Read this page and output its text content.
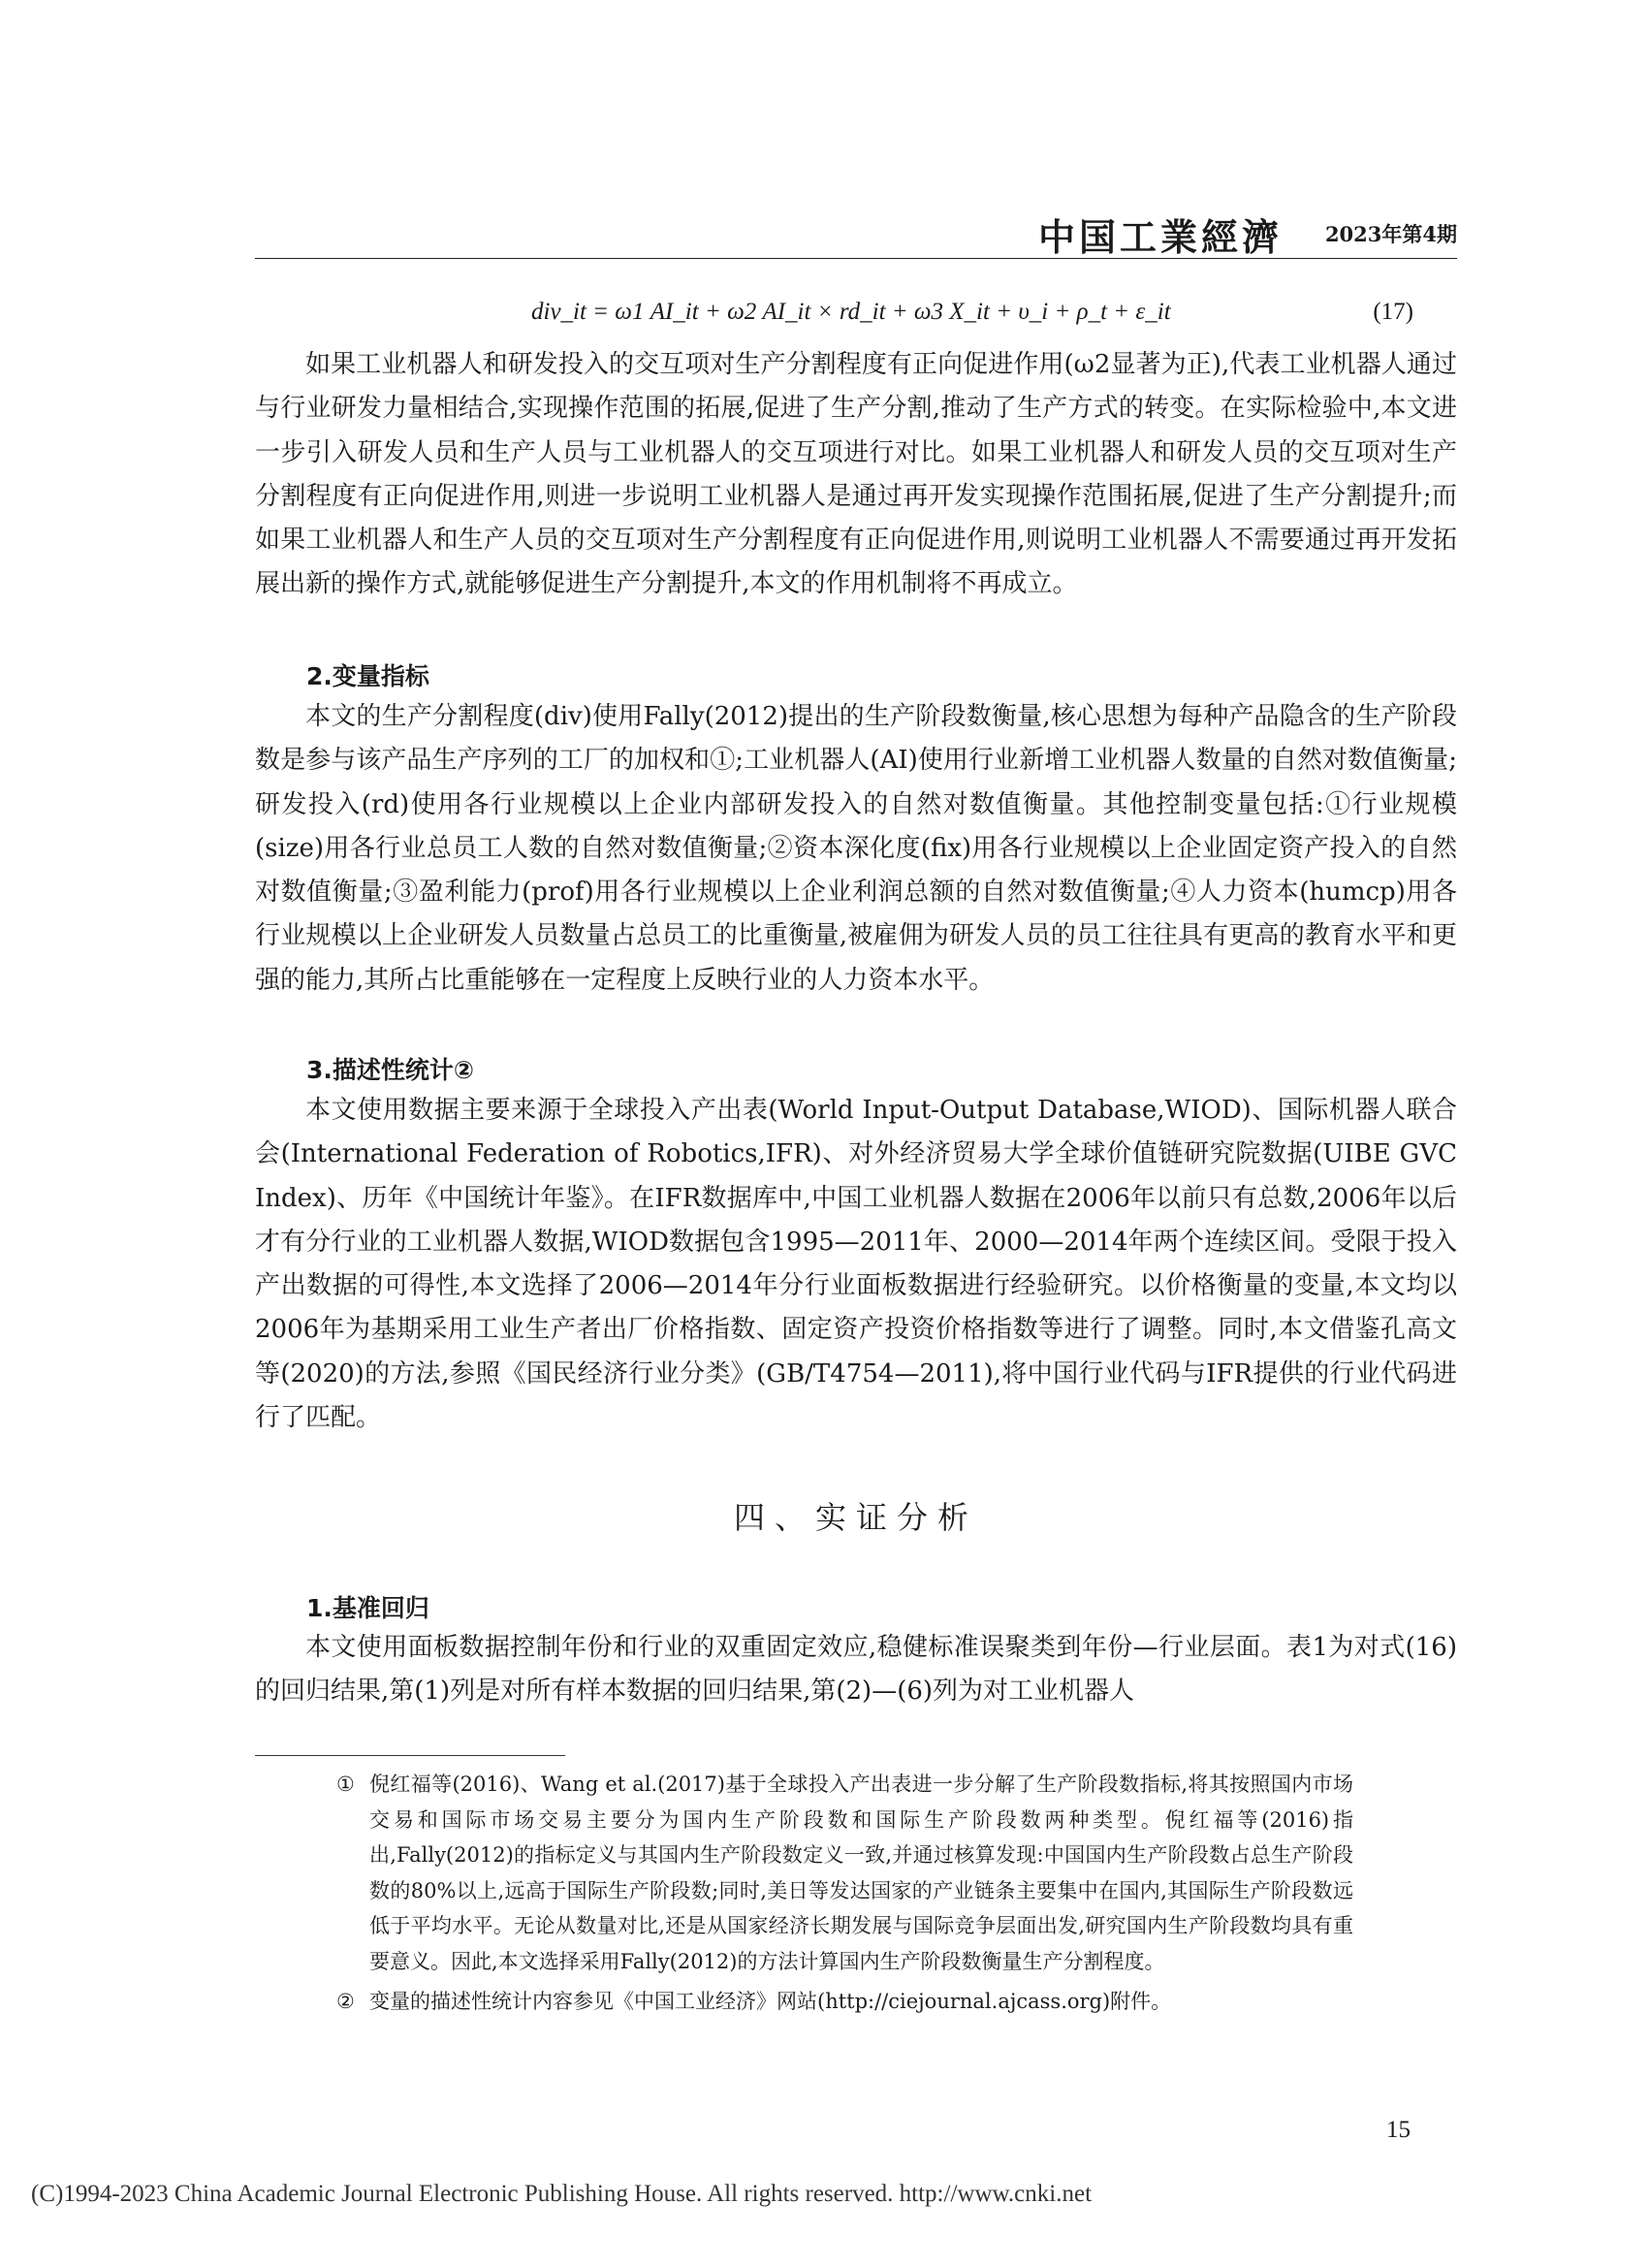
中国工業經濟 2023年第4期
div_it = ω1 AI_it + ω2 AI_it × rd_it + ω3 X_it + υ_i + ρ_t + ε_it	(17)

如果工业机器人和研发投入的交互项对生产分割程度有正向促进作用(ω2显著为正),代表工业机器人通过与行业研发力量相结合,实现操作范围的拓展,促进了生产分割,推动了生产方式的转变。在实际检验中,本文进一步引入研发人员和生产人员与工业机器人的交互项进行对比。如果工业机器人和研发人员的交互项对生产分割程度有正向促进作用,则进一步说明工业机器人是通过再开发实现操作范围拓展,促进了生产分割提升;而如果工业机器人和生产人员的交互项对生产分割程度有正向促进作用,则说明工业机器人不需要通过再开发拓展出新的操作方式,就能够促进生产分割提升,本文的作用机制将不再成立。

2.变量指标

本文的生产分割程度(div)使用Fally(2012)提出的生产阶段数衡量,核心思想为每种产品隐含的生产阶段数是参与该产品生产序列的工厂的加权和①;工业机器人(AI)使用行业新增工业机器人数量的自然对数值衡量;研发投入(rd)使用各行业规模以上企业内部研发投入的自然对数值衡量。其他控制变量包括:①行业规模(size)用各行业总员工人数的自然对数值衡量;②资本深化度(fix)用各行业规模以上企业固定资产投入的自然对数值衡量;③盈利能力(prof)用各行业规模以上企业利润总额的自然对数值衡量;④人力资本(humcp)用各行业规模以上企业研发人员数量占总员工的比重衡量,被雇佣为研发人员的员工往往具有更高的教育水平和更强的能力,其所占比重能够在一定程度上反映行业的人力资本水平。

3.描述性统计②

本文使用数据主要来源于全球投入产出表(World Input-Output Database,WIOD)、国际机器人联合会(International Federation of Robotics,IFR)、对外经济贸易大学全球价值链研究院数据(UIBE GVC Index)、历年《中国统计年鉴》。在IFR数据库中,中国工业机器人数据在2006年以前只有总数,2006年以后才有分行业的工业机器人数据,WIOD数据包含1995—2011年、2000—2014年两个连续区间。受限于投入产出数据的可得性,本文选择了2006—2014年分行业面板数据进行经验研究。以价格衡量的变量,本文均以2006年为基期采用工业生产者出厂价格指数、固定资产投资价格指数等进行了调整。同时,本文借鉴孔高文等(2020)的方法,参照《国民经济行业分类》(GB/T4754—2011),将中国行业代码与IFR提供的行业代码进行了匹配。

四、实证分析

1.基准回归

本文使用面板数据控制年份和行业的双重固定效应,稳健标准误聚类到年份—行业层面。表1为对式(16)的回归结果,第(1)列是对所有样本数据的回归结果,第(2)—(6)列为对工业机器人

① 倪红福等(2016)、Wang et al.(2017)基于全球投入产出表进一步分解了生产阶段数指标,将其按照国内市场交易和国际市场交易主要分为国内生产阶段数和国际生产阶段数两种类型。倪红福等(2016)指出,Fally(2012)的指标定义与其国内生产阶段数定义一致,并通过核算发现:中国国内生产阶段数占总生产阶段数的80%以上,远高于国际生产阶段数;同时,美日等发达国家的产业链条主要集中在国内,其国际生产阶段数远低于平均水平。无论从数量对比,还是从国家经济长期发展与国际竞争层面出发,研究国内生产阶段数均具有重要意义。因此,本文选择采用Fally(2012)的方法计算国内生产阶段数衡量生产分割程度。

② 变量的描述性统计内容参见《中国工业经济》网站(http://ciejournal.ajcass.org)附件。

15
(C)1994-2023 China Academic Journal Electronic Publishing House. All rights reserved. http://www.cnki.net
